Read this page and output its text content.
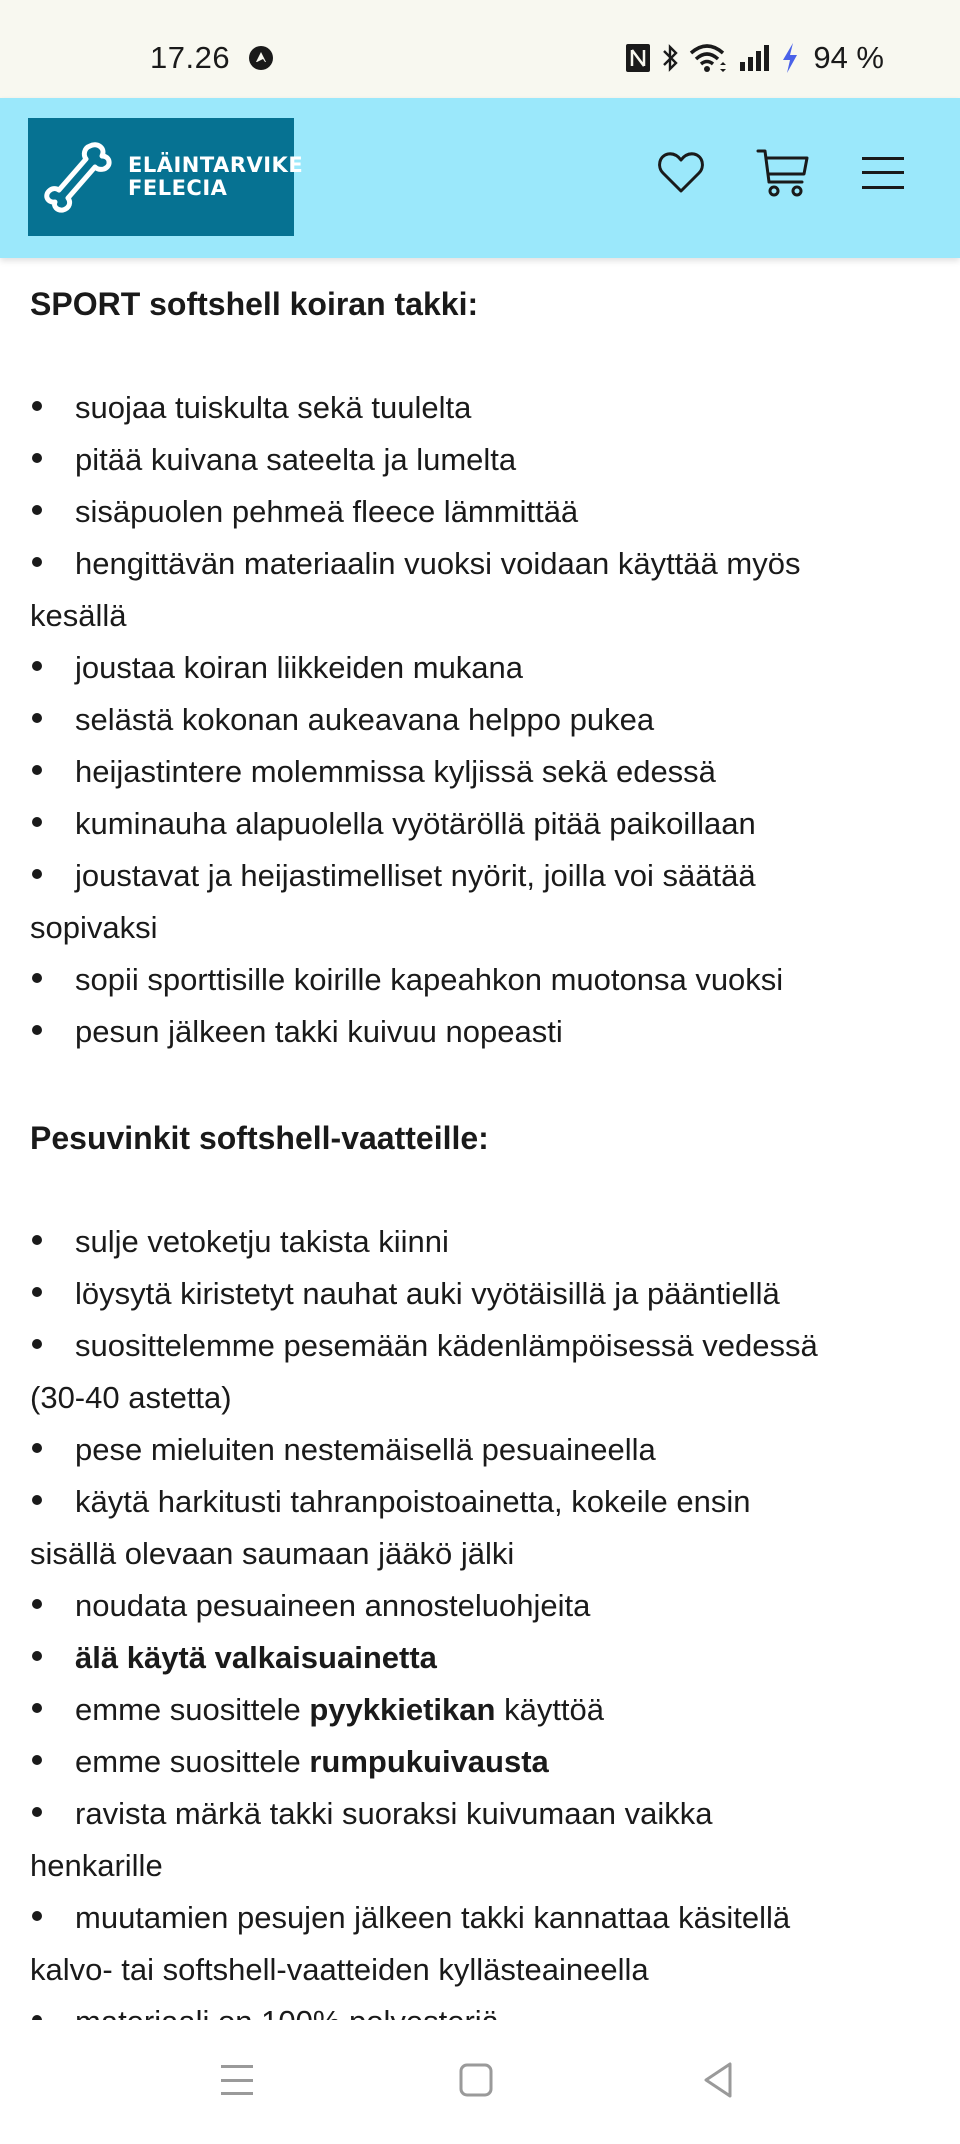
17.26	94 %
ELÄINTARVIKE
FELECIA
SPORT softshell koiran takki:
suojaa tuiskulta sekä tuulelta
pitää kuivana sateelta ja lumelta
sisäpuolen pehmeä fleece lämmittää
hengittävän materiaalin vuoksi voidaan käyttää myös
kesällä
joustaa koiran liikkeiden mukana
selästä kokonan aukeavana helppo pukea
heijastintere molemmissa kyljissä sekä edessä
kuminauha alapuolella vyötäröllä pitää paikoillaan
joustavat ja heijastimelliset nyörit, joilla voi säätää
sopivaksi
sopii sporttisille koirille kapeahkon muotonsa vuoksi
pesun jälkeen takki kuivuu nopeasti
Pesuvinkit softshell-vaatteille:
sulje vetoketju takista kiinni
löysytä kiristetyt nauhat auki vyötäisillä ja pääntiellä
suosittelemme pesemään kädenlämpöisessä vedessä
(30-40 astetta)
pese mieluiten nestemäisellä pesuaineella
käytä harkitusti tahranpoistoainetta, kokeile ensin
sisällä olevaan saumaan jääkö jälki
noudata pesuaineen annosteluohjeita
älä käytä valkaisuainetta
emme suosittele pyykkietikan käyttöä
emme suosittele rumpukuivausta
ravista märkä takki suoraksi kuivumaan vaikka
henkarille
muutamien pesujen jälkeen takki kannattaa käsitellä
kalvo- tai softshell-vaatteiden kyllästeaineella
